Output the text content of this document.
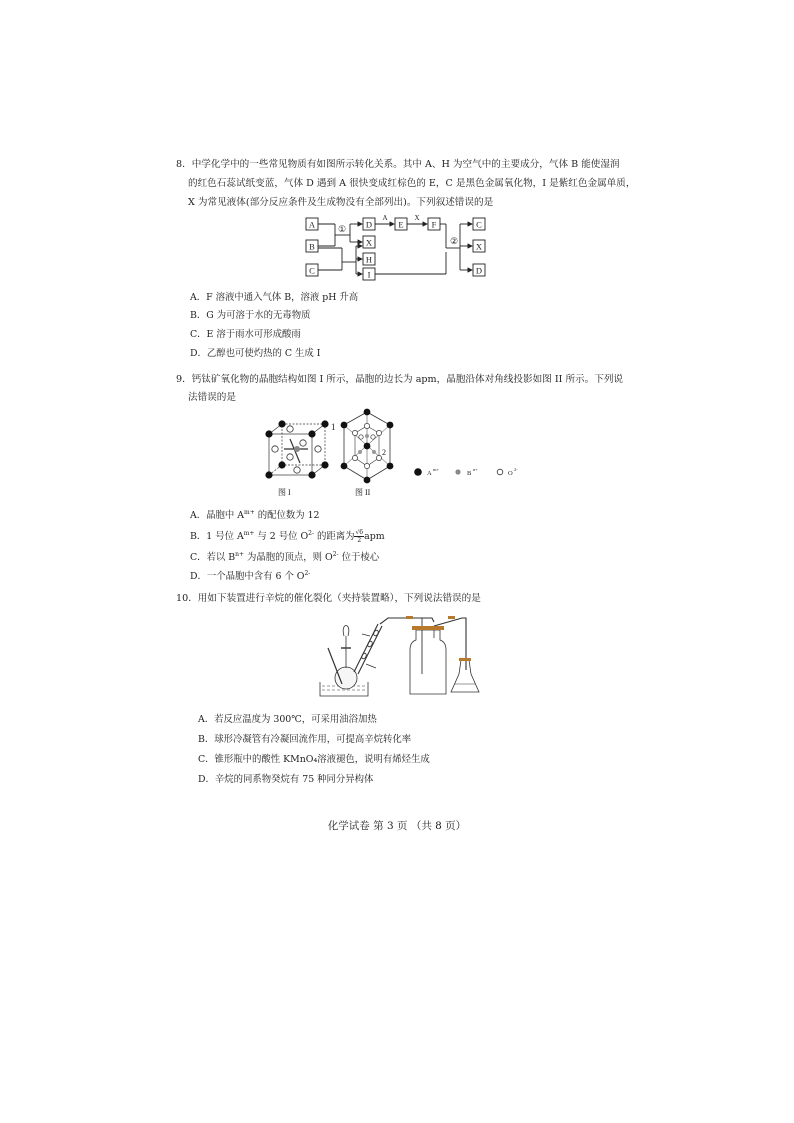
8．中学化学中的一些常见物质有如图所示转化关系。其中 A、H 为空气中的主要成分，气体 B 能使湿润
的红色石蕊试纸变蓝，气体 D 遇到 A 很快变成红棕色的 E，C 是黑色金属氧化物，I 是紫红色金属单质，
X 为常见液体(部分反应条件及生成物没有全部列出)。下列叙述错误的是
A
B
C
D
X
H
I
E	F	C
X
D
A	X
①
②
A．F 溶液中通入气体 B，溶液 pH 升高
B．G 为可溶于水的无毒物质
C．E 溶于雨水可形成酸雨
D．乙醇也可使灼热的 C 生成 I
9．钙钛矿氧化物的晶胞结构如图 I 所示，晶胞的边长为 apm，晶胞沿体对角线投影如图 II 所示。下列说
法错误的是
1
2
图 I	图 II
A
m+
B
n+
O
2-
A．晶胞中 $A^{m+}$ 的配位数为 12
B．1 号位 $A^{m+}$ 与 2 号位 $O^{2-}$ 的距离为 $\frac{√6}{2}$ apm
C．若以 $B^{n+}$ 为晶胞的顶点，则 $O^{2-}$ 位于棱心
D．一个晶胞中含有 6 个 $O^{2-}$
10．用如下装置进行辛烷的催化裂化（夹持装置略），下列说法错误的是
A．若反应温度为 300℃，可采用油浴加热
B．球形冷凝管有冷凝回流作用，可提高辛烷转化率
C．锥形瓶中的酸性 KMnO₄溶液褪色，说明有烯烃生成
D．辛烷的同系物癸烷有 75 种同分异构体
化学试卷 第 3 页 （共 8 页）
